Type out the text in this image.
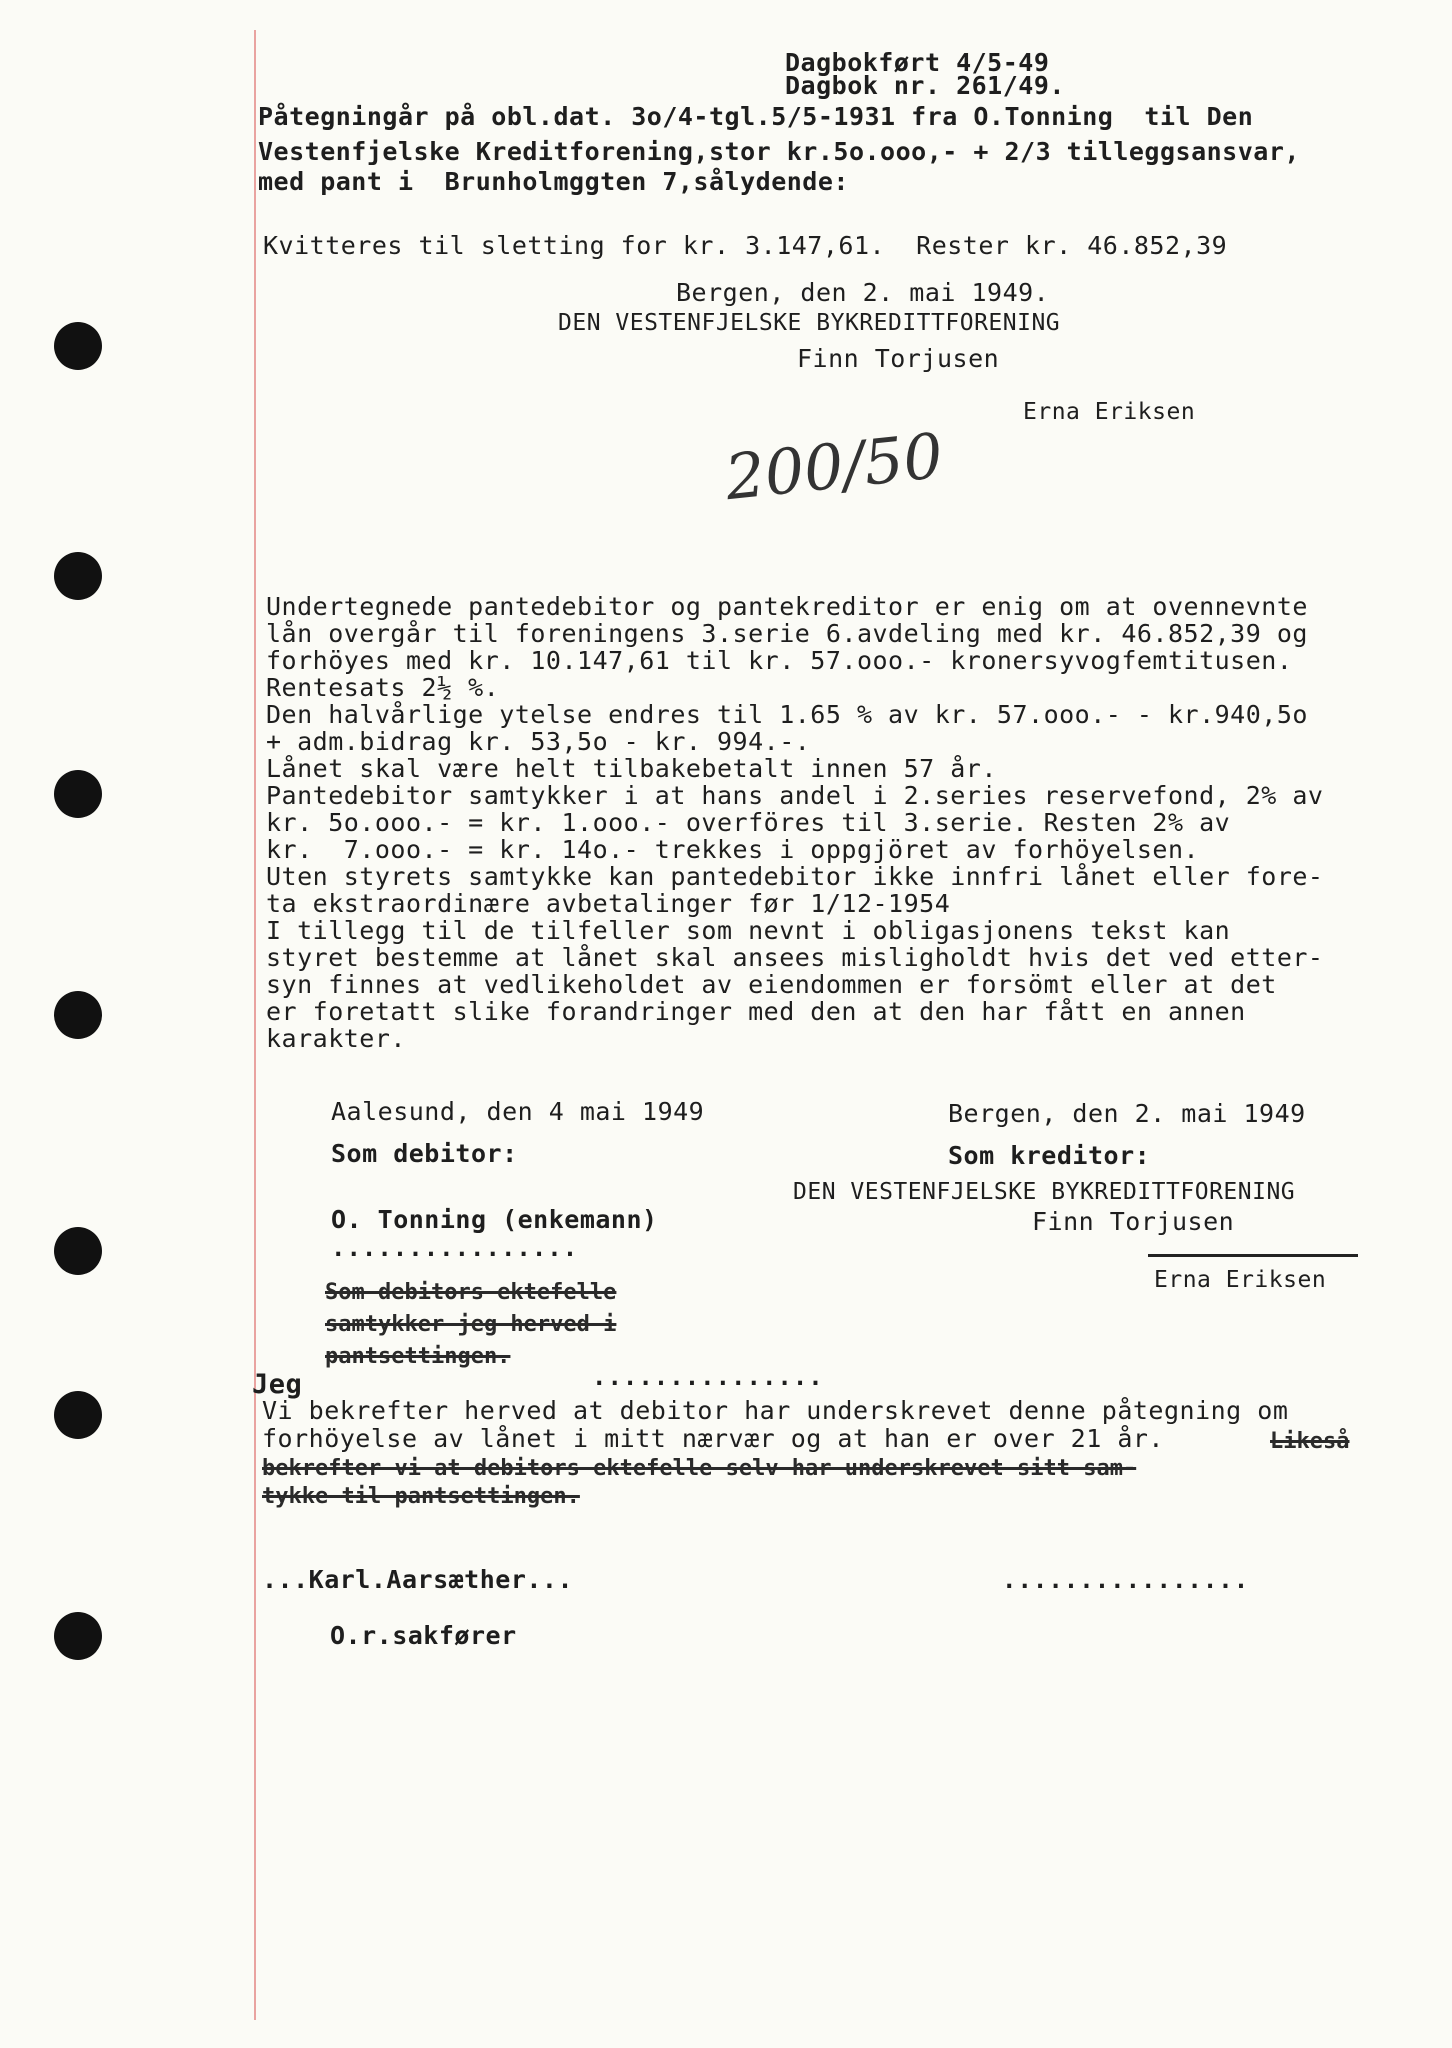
Dagbokført 4/5-49
Dagbok nr. 261/49.
Påtegningår på obl.dat. 3o/4-tgl.5/5-1931 fra O.Tonning  til Den
Vestenfjelske Kreditforening,stor kr.5o.ooo,- + 2/3 tilleggsansvar,
med pant i  Brunholmggten 7,sålydende:
Kvitteres til sletting for kr. 3.147,61.  Rester kr. 46.852,39
Bergen, den 2. mai 1949.
DEN VESTENFJELSKE BYKREDITTFORENING
Finn Torjusen
Erna Eriksen
200/50
Undertegnede pantedebitor og pantekreditor er enig om at ovennevnte
lån overgår til foreningens 3.serie 6.avdeling med kr. 46.852,39 og
forhöyes med kr. 10.147,61 til kr. 57.ooo.- kronersyvogfemtitusen.
Rentesats 2½ %.
Den halvårlige ytelse endres til 1.65 % av kr. 57.ooo.- - kr.940,5o
+ adm.bidrag kr. 53,5o - kr. 994.-.
Lånet skal være helt tilbakebetalt innen 57 år.
Pantedebitor samtykker i at hans andel i 2.series reservefond, 2% av
kr. 5o.ooo.- = kr. 1.ooo.- overföres til 3.serie. Resten 2% av
kr.  7.ooo.- = kr. 14o.- trekkes i oppgjöret av forhöyelsen.
Uten styrets samtykke kan pantedebitor ikke innfri lånet eller fore-
ta ekstraordinære avbetalinger før 1/12-1954
I tillegg til de tilfeller som nevnt i obligasjonens tekst kan
styret bestemme at lånet skal ansees misligholdt hvis det ved etter-
syn finnes at vedlikeholdet av eiendommen er forsömt eller at det
er foretatt slike forandringer med den at den har fått en annen
karakter.
Aalesund, den 4 mai 1949
Som debitor:
O. Tonning (enkemann)
................
Som debitors ektefelle
samtykker jeg herved i
pantsettingen.
Bergen, den 2. mai 1949
Som kreditor:
DEN VESTENFJELSKE BYKREDITTFORENING
Finn Torjusen
Erna Eriksen
Jeg	...............
Vi bekrefter herved at debitor har underskrevet denne påtegning om
forhöyelse av lånet i mitt nærvær og at han er over 21 år.	Likeså
bekrefter vi at debitors ektefelle selv har underskrevet sitt sam-
tykke til pantsettingen.
...Karl.Aarsæther...
O.r.sakfører
................
